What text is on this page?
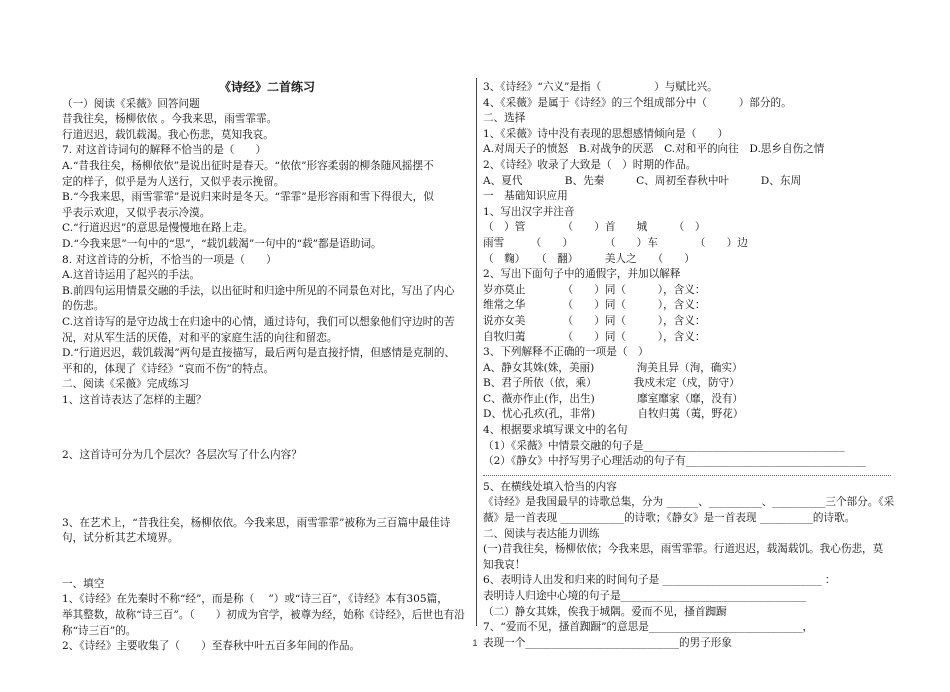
《诗经》二首练习
（一）阅读《采薇》回答问题
昔我往矣，杨柳依依 。今我来思，雨雪霏霏。
行道迟迟，载饥载渴。我心伤悲，莫知我哀。
7. 对这首诗词句的解释不恰当的是（　　）
A.“昔我往矣，杨柳依依”是说出征时是春天。“依依”形容柔弱的柳条随风摇摆不
定的样子，似乎是为人送行，又似乎表示挽留。
B.“今我来思，雨雪霏霏”是说归来时是冬天。“霏霏”是形容雨和雪下得很大，似
乎表示欢迎，又似乎表示冷漠。
C.“行道迟迟”的意思是慢慢地在路上走。
D.“今我来思”一句中的“思”，“载饥载渴”一句中的“载”都是语助词。
8. 对这首诗的分析，不恰当的一项是（　　）
A.这首诗运用了起兴的手法。
B.前四句运用情景交融的手法，以出征时和归途中所见的不同景色对比，写出了内心
的伤悲。
C.这首诗写的是守边战士在归途中的心情，通过诗句，我们可以想象他们守边时的苦
况，对从军生活的厌倦，对和平的家庭生活的向往和留恋。
D.“行道迟迟，载饥载渴”两句是直接描写，最后两句是直接抒情，但感情是克制的、
平和的，体现了《诗经》“哀而不伤”的特点。
二、阅读《采薇》完成练习
1、这首诗表达了怎样的主题？
2、这首诗可分为几个层次？各层次写了什么内容？
3、在艺术上，“昔我往矣，杨柳依依。今我来思，雨雪霏霏”被称为三百篇中最佳诗
句，试分析其艺术境界。
一、填空
1、《诗经》在先秦时不称“经”，而是称（　 ”）或“诗三百”，《诗经》本有305篇，
举其整数，故称“诗三百”。（　　）初成为官学，被尊为经，始称《诗经》，后世也有沿
称“诗三百”的。
2、《诗经》主要收集了（　　）至春秋中叶五百多年间的作品。
3、《诗经》“六义”是指（　　　　　）与赋比兴。
4、《采薇》是属于《诗经》的三个组成部分中（　　　）部分的。
二、选择
1、《采薇》诗中没有表现的思想感情倾向是（　　）
A.对周天子的愤怒　B.对战争的厌恶　C.对和平的向往　D.思乡自伤之情
2、《诗经》收录了大致是（　）时期的作品。
A、夏代　　　　B、先秦　　　C、周初至春秋中叶　　　D、东周
一　基础知识应用
1、写出汉字并注音
（　）管　　　　（　　）首　　城　　　（　）
雨雪　　　（　　）　　　　（　　）车　　　　（　　）边
（　麴）　　（　翻）　　　美人之　　（　　）
2、写出下面句子中的通假字，并加以解释
岁亦莫止　　　　（　　）同（　　　），含义：
维常之华　　　　（　　）同（　　　），含义：
说亦女美　　　　（　　）同（　　　），含义：
自牧归荑　　　　（　　）同（　　　），含义：
3、下列解释不正确的一项是（　）
A、静女其姝(姝，美丽)　　　　洵美且异（洵，确实）
B、君子所依（依，乘）　　　　我戍未定（戍，防守）
C、薇亦作止(作，出生)　　　　靡室靡家（靡，没有）
D、忧心孔疚(孔，非常)　　　　自牧归荑（荑，野花）
4、根据要求填写课文中的名句
（1）《采薇》中情景交融的句子是______________________________________
（2）《静女》中抒写男子心理活动的句子有__________________________________
5、在横线处填入恰当的内容
《诗经》是我国最早的诗歌总集，分为 ______、__________、__________三个部分。《采
薇》是一首表现 ____________的诗歌；《静女》是一首表现 __________的诗歌。
二、阅读与表达能力训练
(一)昔我往矣，杨柳依依；今我来思，雨雪霏霏。行道迟迟，载渴载饥。我心伤悲，莫
知我哀！
6、表明诗人出发和归来的时间句子是 ______________________________ ：
表明诗人归途中心境的句子是___________________________________
（二）静女其姝，俟我于城隅。爱而不见，搔首踟蹰
7、“爱而不见，搔首踟蹰”的意思是_____________________________，
表现一个_____________________________的男子形象
1
